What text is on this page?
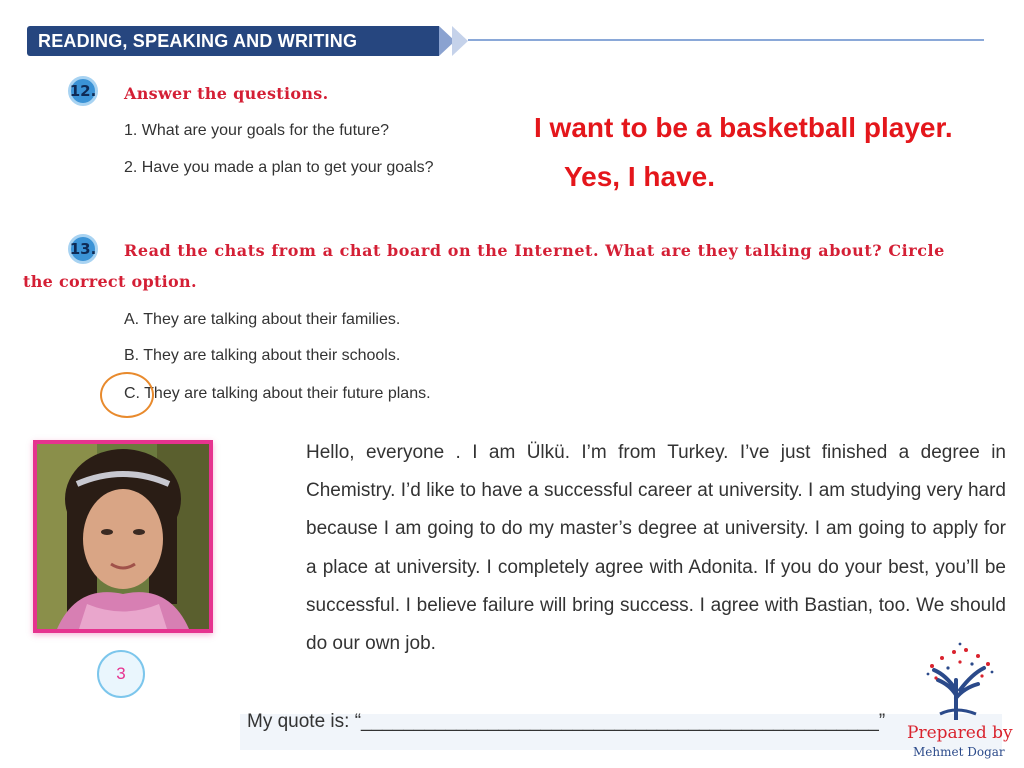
READING, SPEAKING AND WRITING
12. Answer the questions.
1. What are your goals for the future?
2. Have you made a plan to get your goals?
I want to be a basketball player.
Yes, I have.
13. Read the chats from a chat board on the Internet. What are they talking about? Circle
the correct option.
A. They are talking about their families.
B. They are talking about their schools.
C. They are talking about their future plans.
3
Hello, everyone . I am Ülkü. I’m from Turkey. I’ve just finished a degree in Chemistry. I’d like to have a successful career at university. I am studying very hard because I am going to do my master’s degree at university. I am going to apply for a place at university. I completely agree with Adonita. If you do your best, you’ll be successful. I believe failure will bring success. I agree with Bastian, too. We should do our own job.
My quote is: “_________________________________________________”
Prepared by
Mehmet Dogar
